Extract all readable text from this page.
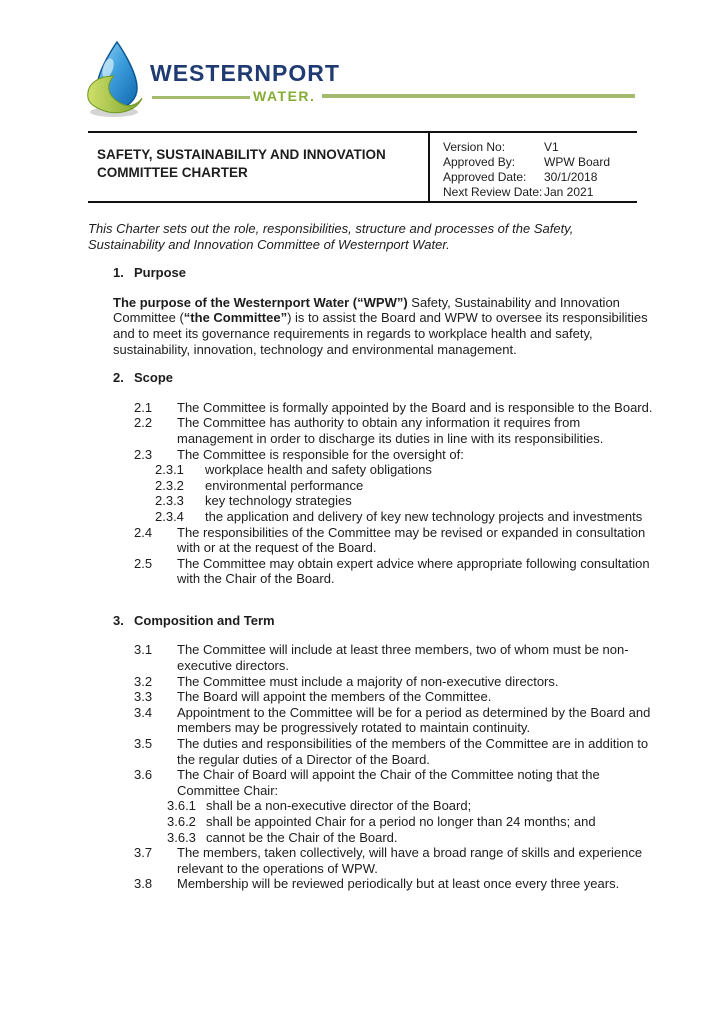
WESTERNPORT
WATER.
SAFETY, SUSTAINABILITY AND INNOVATION
COMMITTEE CHARTER
Version No:	V1
Approved By:	WPW Board
Approved Date:	30/1/2018
Next Review Date: Jan 2021

This Charter sets out the role, responsibilities, structure and processes of the Safety, Sustainability and Innovation Committee of Westernport Water.

1. Purpose

The purpose of the Westernport Water (“WPW”) Safety, Sustainability and Innovation Committee (“the Committee”) is to assist the Board and WPW to oversee its responsibilities and to meet its governance requirements in regards to workplace health and safety, sustainability, innovation, technology and environmental management.

2. Scope
2.1	The Committee is formally appointed by the Board and is responsible to the Board.
2.2	The Committee has authority to obtain any information it requires from management in order to discharge its duties in line with its responsibilities.
2.3	The Committee is responsible for the oversight of:
2.3.1	workplace health and safety obligations
2.3.2	environmental performance
2.3.3	key technology strategies
2.3.4	the application and delivery of key new technology projects and investments
2.4	The responsibilities of the Committee may be revised or expanded in consultation with or at the request of the Board.
2.5	The Committee may obtain expert advice where appropriate following consultation with the Chair of the Board.
3. Composition and Term
3.1	The Committee will include at least three members, two of whom must be non-executive directors.
3.2	The Committee must include a majority of non-executive directors.
3.3	The Board will appoint the members of the Committee.
3.4	Appointment to the Committee will be for a period as determined by the Board and members may be progressively rotated to maintain continuity.
3.5	The duties and responsibilities of the members of the Committee are in addition to the regular duties of a Director of the Board.
3.6	The Chair of Board will appoint the Chair of the Committee noting that the Committee Chair:
3.6.1 shall be a non-executive director of the Board;
3.6.2 shall be appointed Chair for a period no longer than 24 months; and
3.6.3 cannot be the Chair of the Board.
3.7	The members, taken collectively, will have a broad range of skills and experience relevant to the operations of WPW.
3.8	Membership will be reviewed periodically but at least once every three years.
